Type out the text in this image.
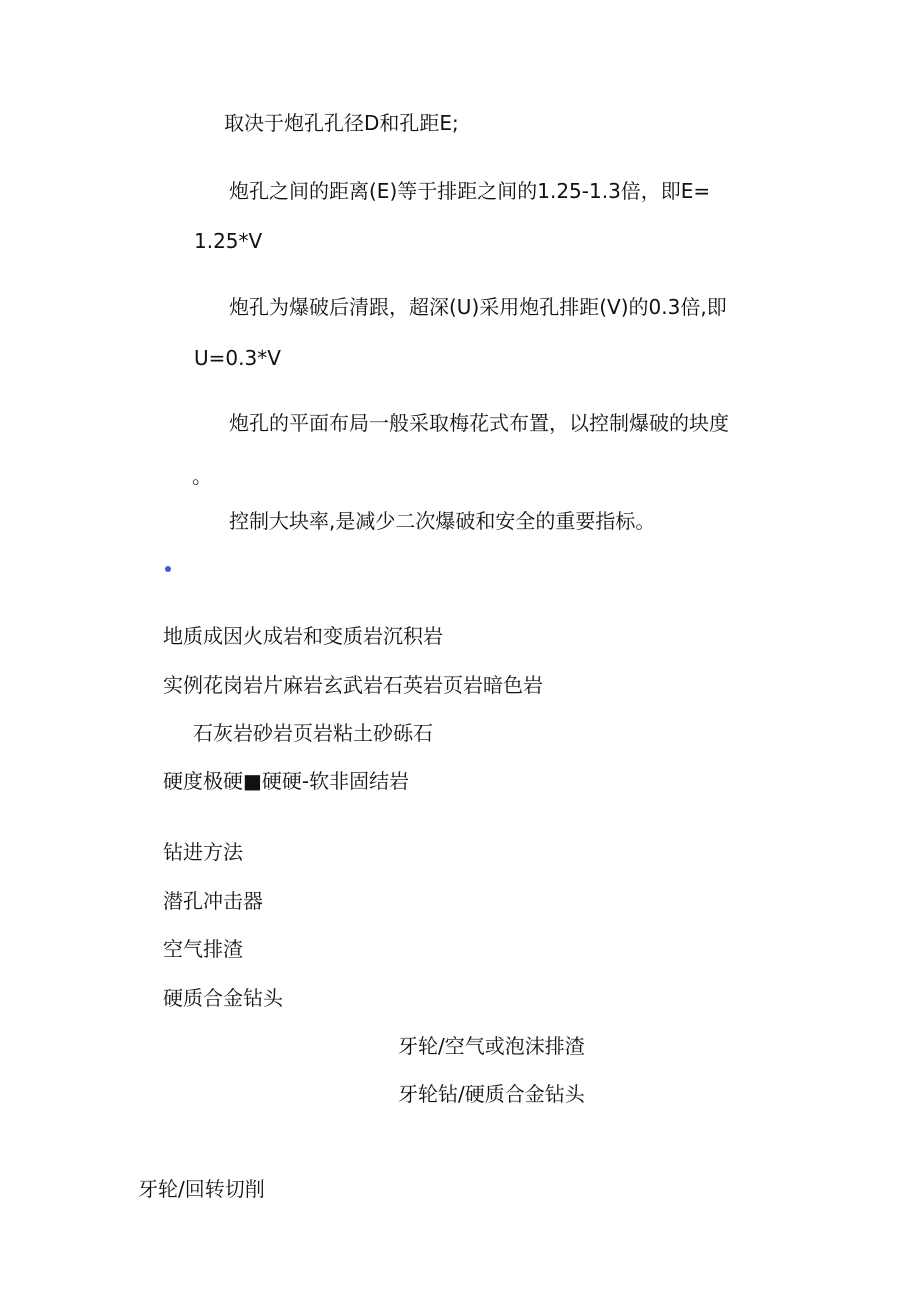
取决于炮孔孔径D和孔距E;
炮孔之间的距离(E)等于排距之间的1.25-1.3倍，即E=
1.25*V
炮孔为爆破后清跟，超深(U)采用炮孔排距(V)的0.3倍,即
U=0.3*V
炮孔的平面布局一般采取梅花式布置，以控制爆破的块度
。
控制大块率,是减少二次爆破和安全的重要指标。
地质成因火成岩和变质岩沉积岩
实例花岗岩片麻岩玄武岩石英岩页岩暗色岩
石灰岩砂岩页岩粘土砂砾石
硬度极硬■硬硬-软非固结岩
钻进方法
潜孔冲击器
空气排渣
硬质合金钻头
牙轮/空气或泡沫排渣
牙轮钻/硬质合金钻头
牙轮/回转切削
